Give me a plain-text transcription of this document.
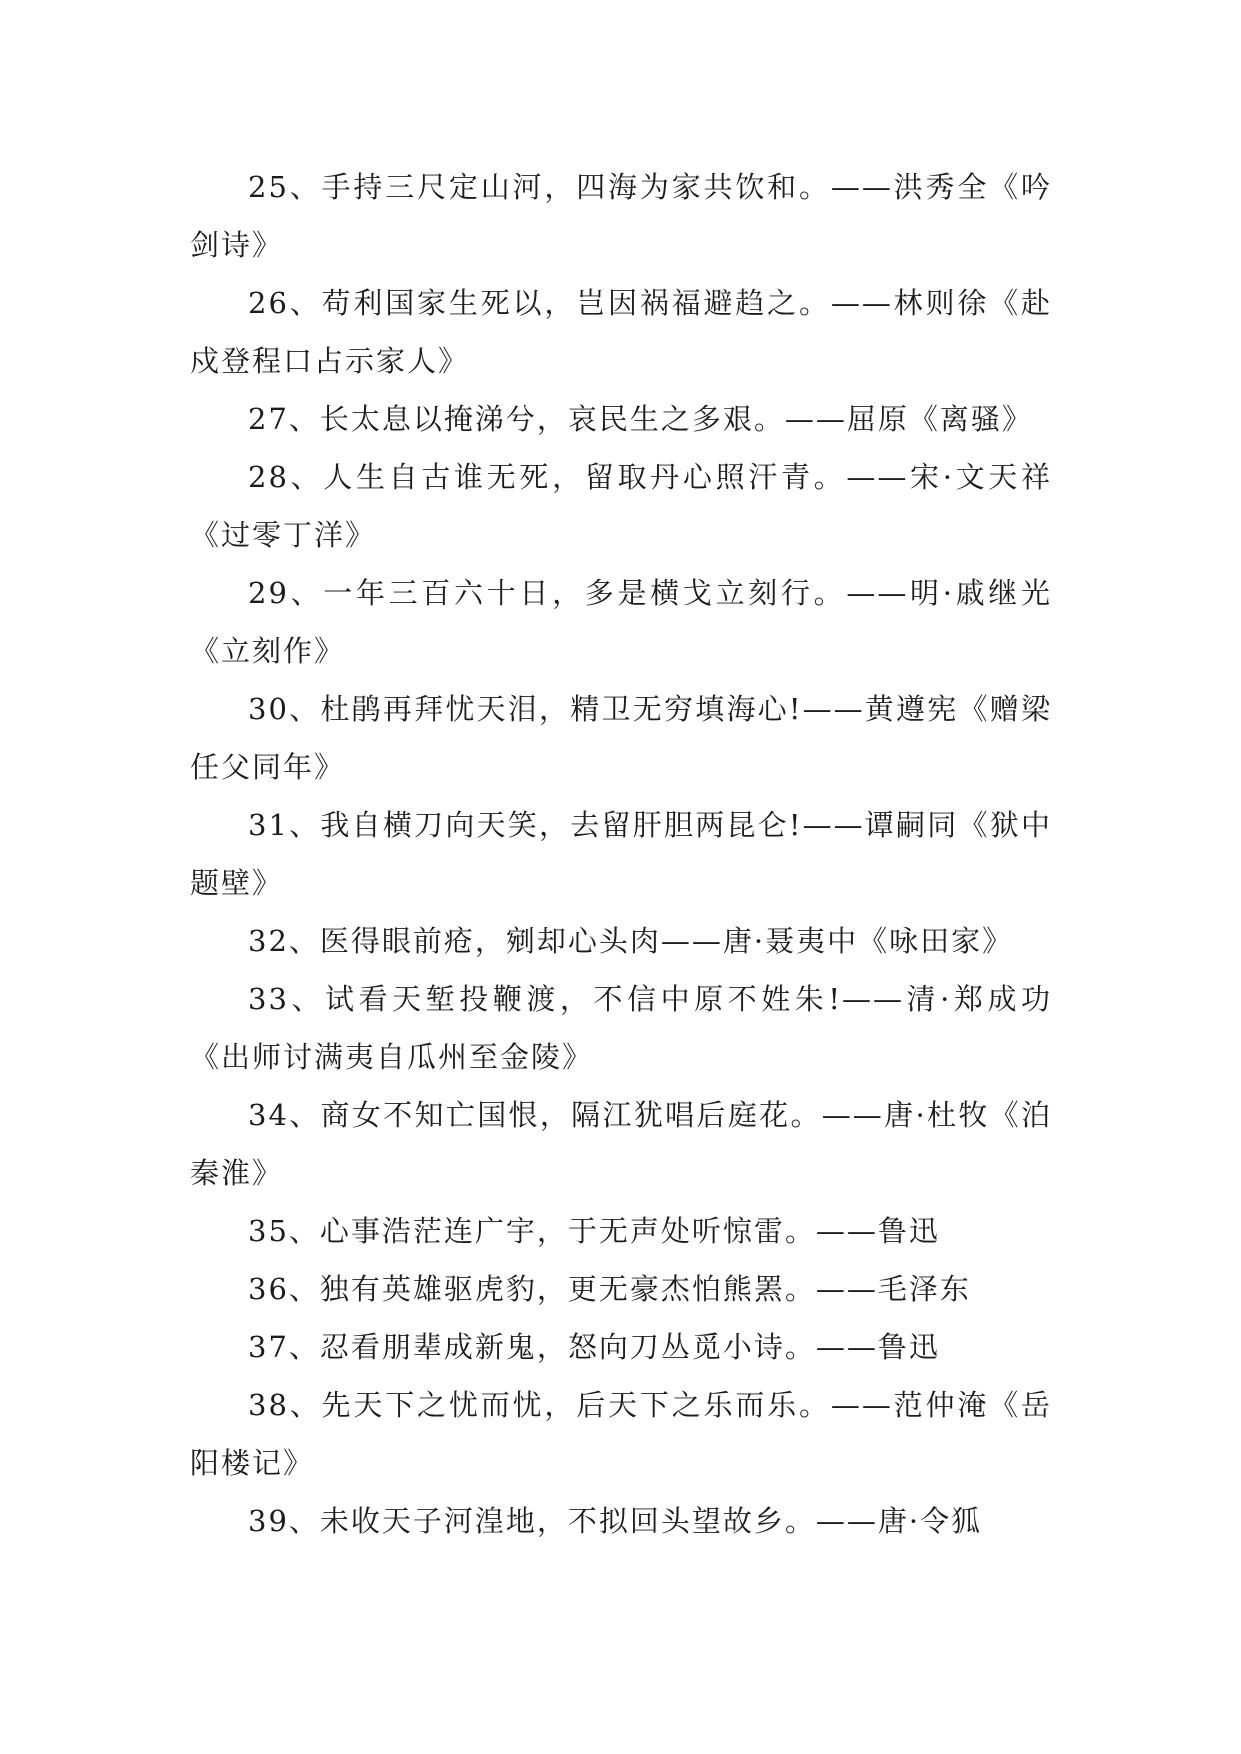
25、手持三尺定山河，四海为家共饮和。——洪秀全《吟剑诗》

26、苟利国家生死以，岂因祸福避趋之。——林则徐《赴戍登程口占示家人》

27、长太息以掩涕兮，哀民生之多艰。——屈原《离骚》

28、人生自古谁无死，留取丹心照汗青。——宋·文天祥《过零丁洋》

29、一年三百六十日，多是横戈立刻行。——明·戚继光《立刻作》

30、杜鹃再拜忧天泪，精卫无穷填海心!——黄遵宪《赠梁任父同年》

31、我自横刀向天笑，去留肝胆两昆仑!——谭嗣同《狱中题壁》

32、医得眼前疮，剜却心头肉——唐·聂夷中《咏田家》

33、试看天堑投鞭渡，不信中原不姓朱!——清·郑成功《出师讨满夷自瓜州至金陵》

34、商女不知亡国恨，隔江犹唱后庭花。——唐·杜牧《泊秦淮》

35、心事浩茫连广宇，于无声处听惊雷。——鲁迅

36、独有英雄驱虎豹，更无豪杰怕熊罴。——毛泽东

37、忍看朋辈成新鬼，怒向刀丛觅小诗。——鲁迅

38、先天下之忧而忧，后天下之乐而乐。——范仲淹《岳阳楼记》

39、未收天子河湟地，不拟回头望故乡。——唐·令狐
